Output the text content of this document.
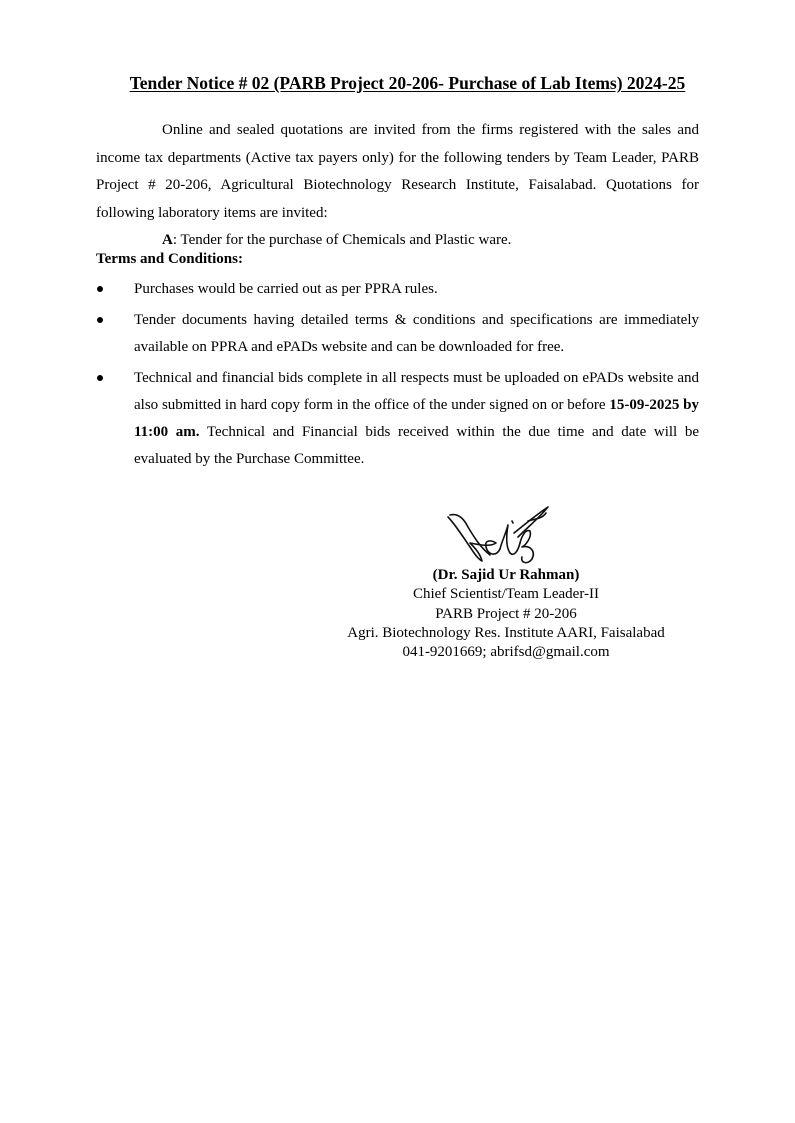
Tender Notice # 02 (PARB Project 20-206- Purchase of Lab Items) 2024-25

Online and sealed quotations are invited from the firms registered with the sales and income tax departments (Active tax payers only) for the following tenders by Team Leader, PARB Project # 20-206, Agricultural Biotechnology Research Institute, Faisalabad. Quotations for following laboratory items are invited:

A: Tender for the purchase of Chemicals and Plastic ware.
Terms and Conditions:
Purchases would be carried out as per PPRA rules.
Tender documents having detailed terms & conditions and specifications are immediately available on PPRA and ePADs website and can be downloaded for free.
Technical and financial bids complete in all respects must be uploaded on ePADs website and also submitted in hard copy form in the office of the under signed on or before 15-09-2025 by 11:00 am. Technical and Financial bids received within the due time and date will be evaluated by the Purchase Committee.
(Dr. Sajid Ur Rahman)
Chief Scientist/Team Leader-II
PARB Project # 20-206
Agri. Biotechnology Res. Institute AARI, Faisalabad
041-9201669; abrifsd@gmail.com
